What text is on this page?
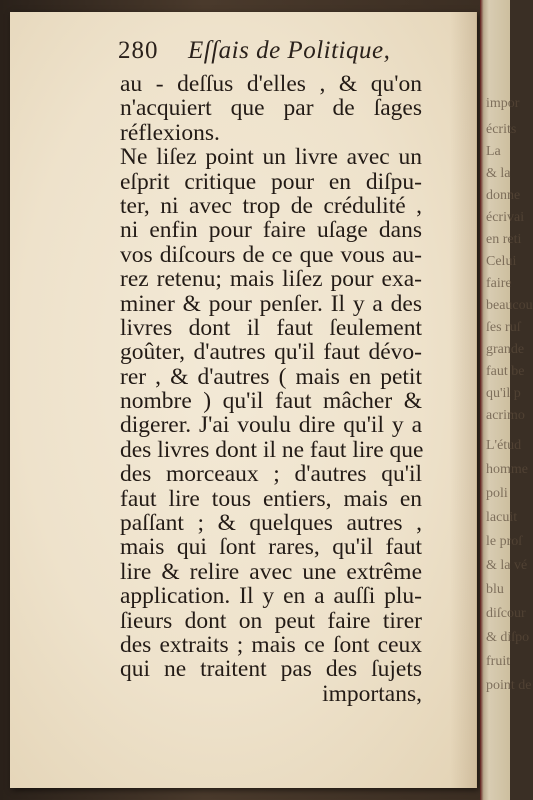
280 Eſſais de Politique,
au - deſſus d'elles , & qu'on
n'acquiert que par de ſages
réflexions.
Ne liſez point un livre avec un
eſprit critique pour en diſpu-
ter, ni avec trop de crédulité ,
ni enfin pour faire uſage dans
vos diſcours de ce que vous au-
rez retenu; mais liſez pour exa-
miner & pour penſer. Il y a des
livres dont il faut ſeulement
goûter, d'autres qu'il faut dévo-
rer , & d'autres ( mais en petit
nombre ) qu'il faut mâcher &
digerer. J'ai voulu dire qu'il y a
des livres dont il ne faut lire que
des morceaux ; d'autres qu'il
faut lire tous entiers, mais en
paſſant ; & quelques autres ,
mais qui ſont rares, qu'il faut
lire & relire avec une extrême
application. Il y en a auſſi plu-
ſieurs dont on peut faire tirer
des extraits ; mais ce ſont ceux
qui ne traitent pas des ſujets
importans,
impor
écrits
La
& la
donne
écrivai
en reti
Celui
faire
beaucou
ſes ruſ
grande
faut be
qu'il p
acrimo
L'étud
homme
poli
lacuit
le proſ
& la vé
blu
diſcour
& diſpo
fruit
point de
